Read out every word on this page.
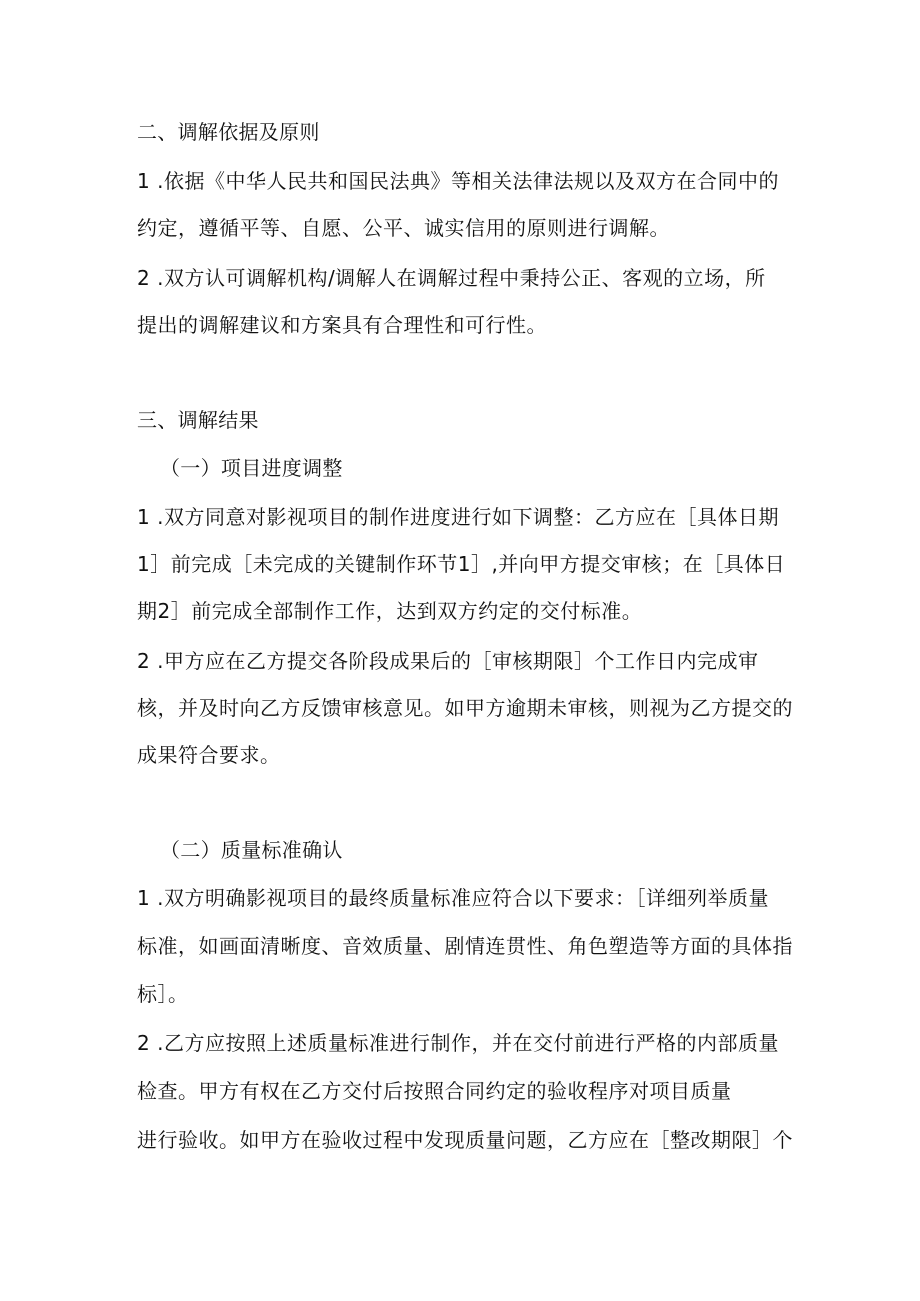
二、调解依据及原则
1 .依据《中华人民共和国民法典》等相关法律法规以及双方在合同中的
约定，遵循平等、自愿、公平、诚实信用的原则进行调解。
2 .双方认可调解机构/调解人在调解过程中秉持公正、客观的立场，所
提出的调解建议和方案具有合理性和可行性。
三、调解结果
（一）项目进度调整
1 .双方同意对影视项目的制作进度进行如下调整：乙方应在［具体日期
1］前完成［未完成的关键制作环节1］,并向甲方提交审核；在［具体日
期2］前完成全部制作工作，达到双方约定的交付标准。
2 .甲方应在乙方提交各阶段成果后的［审核期限］个工作日内完成审
核，并及时向乙方反馈审核意见。如甲方逾期未审核，则视为乙方提交的
成果符合要求。
（二）质量标准确认
1 .双方明确影视项目的最终质量标准应符合以下要求：［详细列举质量
标准，如画面清晰度、音效质量、剧情连贯性、角色塑造等方面的具体指
标］。
2 .乙方应按照上述质量标准进行制作，并在交付前进行严格的内部质量
检查。甲方有权在乙方交付后按照合同约定的验收程序对项目质量
进行验收。如甲方在验收过程中发现质量问题，乙方应在［整改期限］个
